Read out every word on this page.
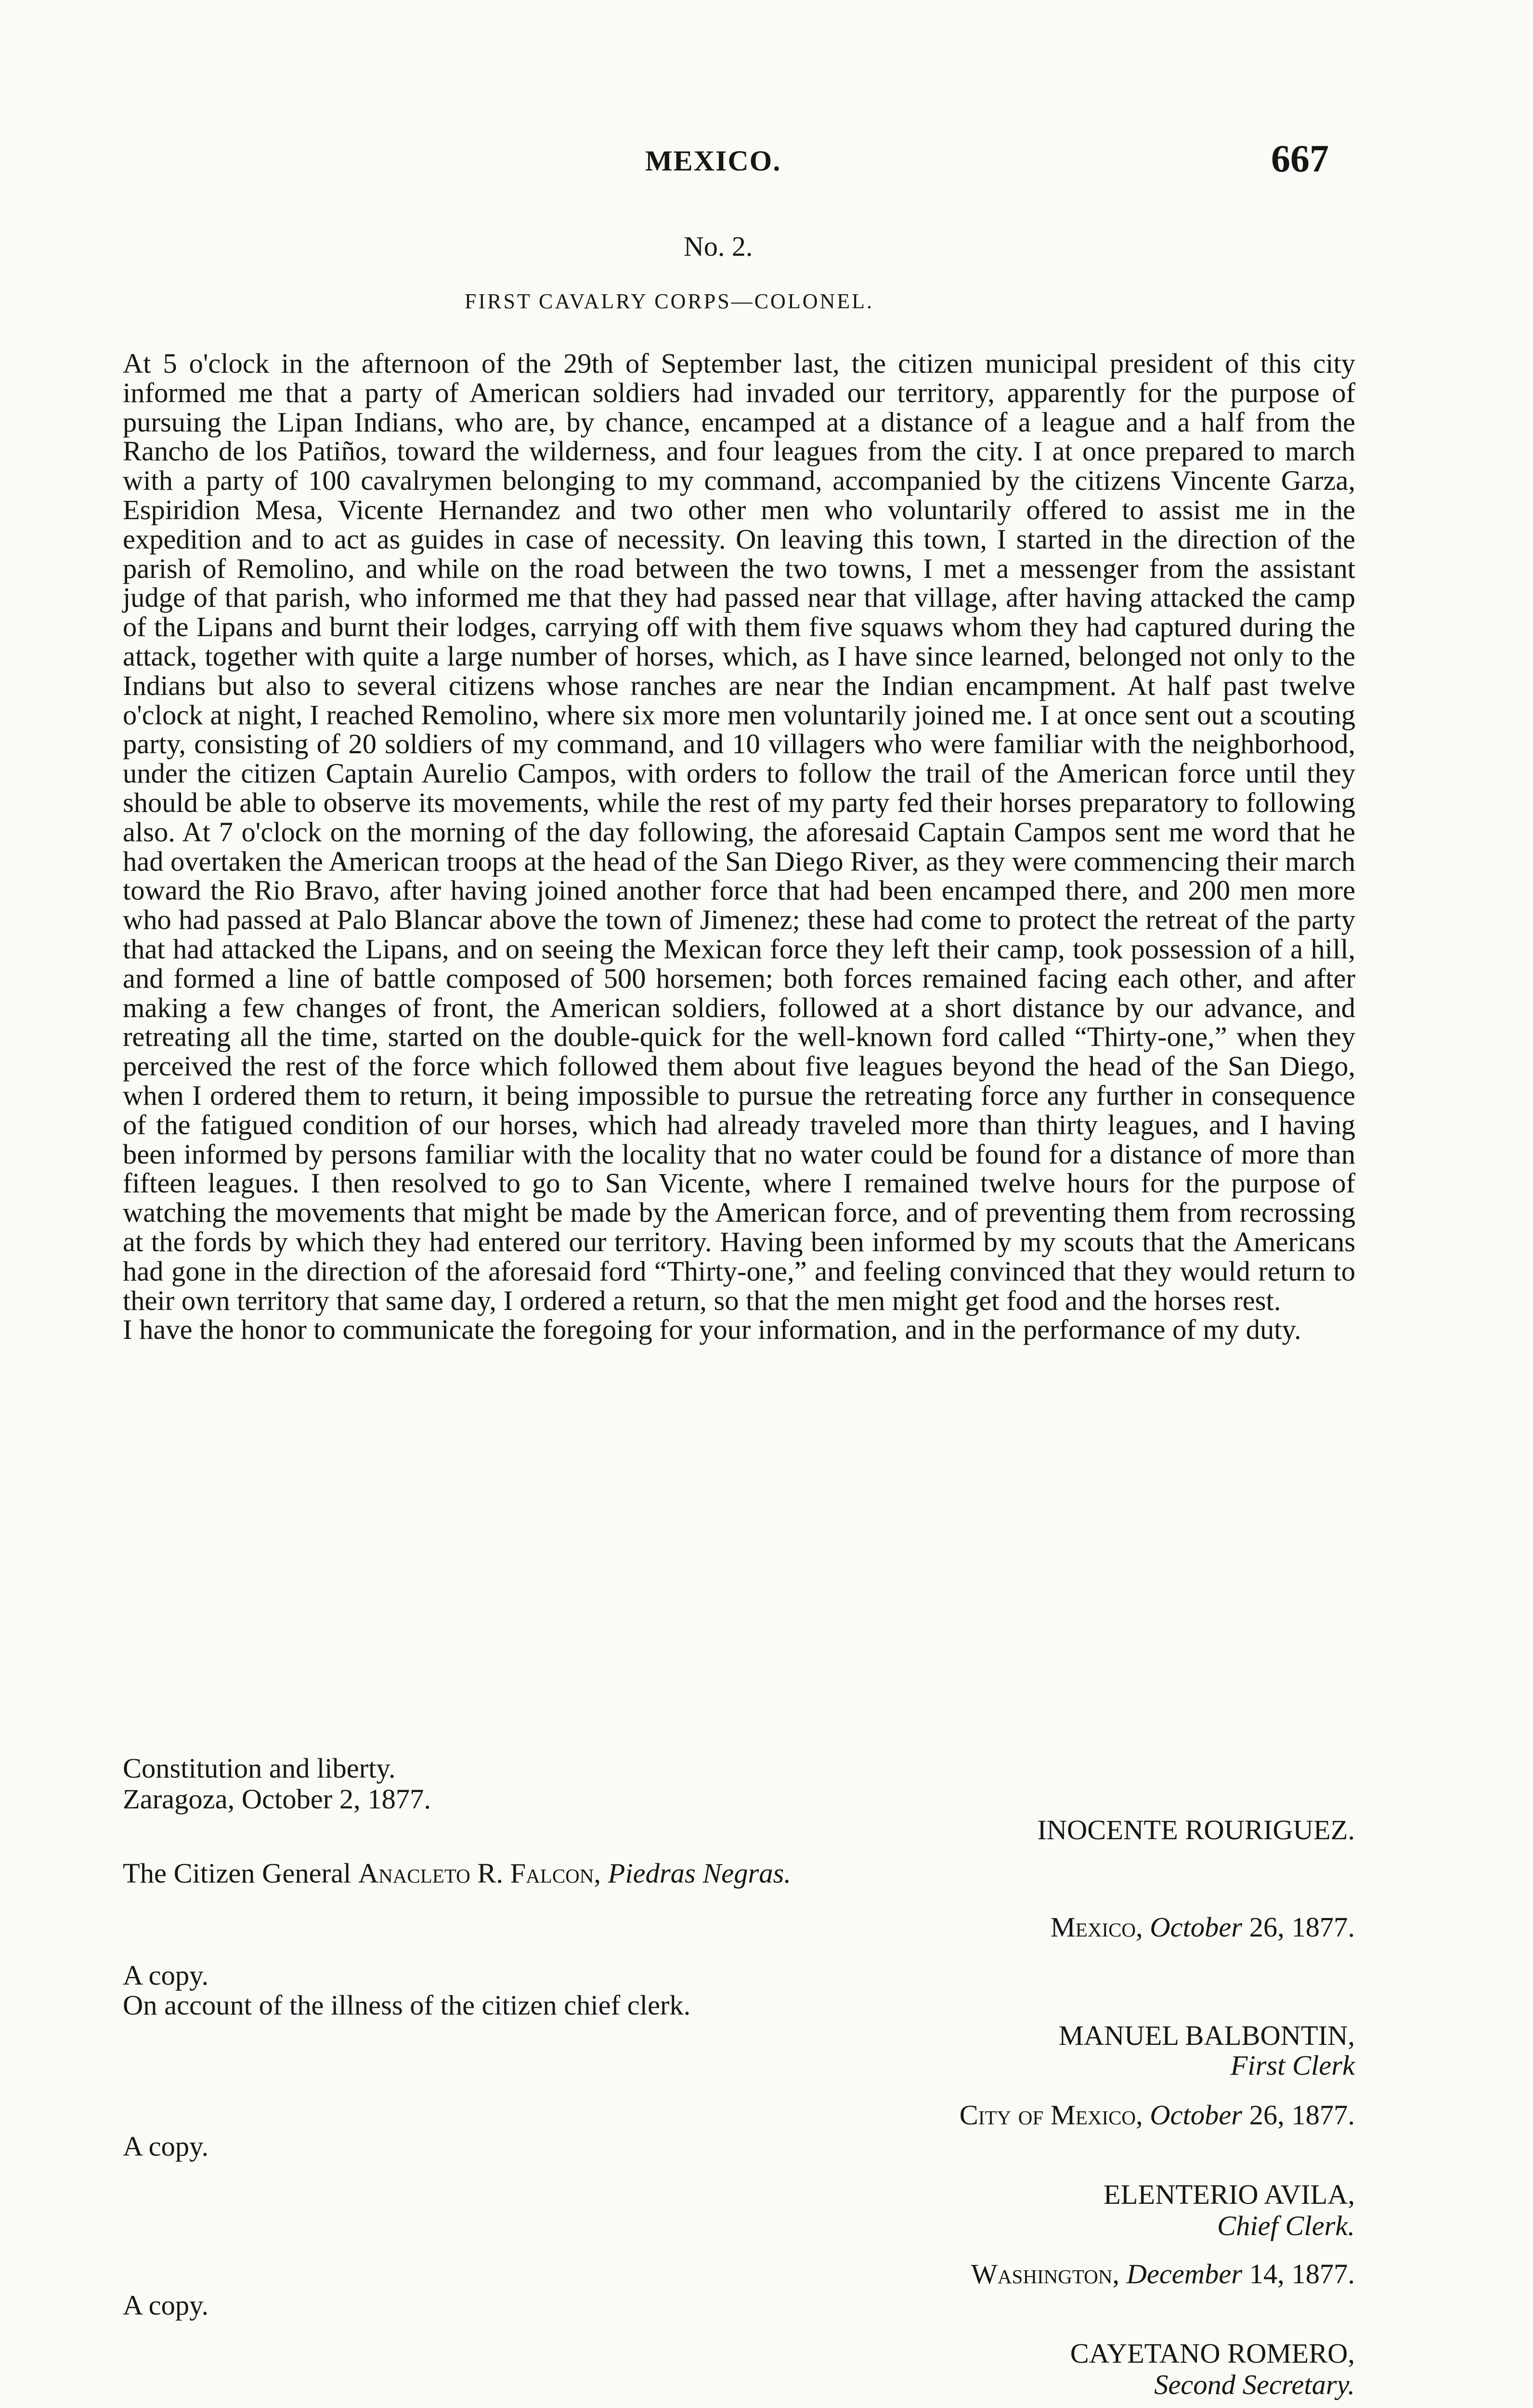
MEXICO.	667
No. 2.
FIRST CAVALRY CORPS—COLONEL.

At 5 o'clock in the afternoon of the 29th of September last, the citizen municipal president of this city informed me that a party of American soldiers had invaded our territory, apparently for the purpose of pursuing the Lipan Indians, who are, by chance, encamped at a distance of a league and a half from the Rancho de los Patiños, toward the wilderness, and four leagues from the city. I at once prepared to march with a party of 100 cavalrymen belonging to my command, accompanied by the citizens Vincente Garza, Espiridion Mesa, Vicente Hernandez and two other men who voluntarily offered to assist me in the expedition and to act as guides in case of necessity. On leaving this town, I started in the direction of the parish of Remolino, and while on the road between the two towns, I met a messenger from the assistant judge of that parish, who informed me that they had passed near that village, after having attacked the camp of the Lipans and burnt their lodges, carrying off with them five squaws whom they had captured during the attack, together with quite a large number of horses, which, as I have since learned, belonged not only to the Indians but also to several citizens whose ranches are near the Indian encampment. At half past twelve o'clock at night, I reached Remolino, where six more men voluntarily joined me. I at once sent out a scouting party, consisting of 20 soldiers of my command, and 10 villagers who were familiar with the neighborhood, under the citizen Captain Aurelio Campos, with orders to follow the trail of the American force until they should be able to observe its movements, while the rest of my party fed their horses preparatory to following also. At 7 o'clock on the morning of the day following, the aforesaid Captain Campos sent me word that he had overtaken the American troops at the head of the San Diego River, as they were commencing their march toward the Rio Bravo, after having joined another force that had been encamped there, and 200 men more who had passed at Palo Blancar above the town of Jimenez; these had come to protect the retreat of the party that had attacked the Lipans, and on seeing the Mexican force they left their camp, took possession of a hill, and formed a line of battle composed of 500 horsemen; both forces remained facing each other, and after making a few changes of front, the American soldiers, followed at a short distance by our advance, and retreating all the time, started on the double-quick for the well-known ford called “Thirty-one,” when they perceived the rest of the force which followed them about five leagues beyond the head of the San Diego, when I ordered them to return, it being impossible to pursue the retreating force any further in consequence of the fatigued condition of our horses, which had already traveled more than thirty leagues, and I having been informed by persons familiar with the locality that no water could be found for a distance of more than fifteen leagues. I then resolved to go to San Vicente, where I remained twelve hours for the purpose of watching the movements that might be made by the American force, and of preventing them from recrossing at the fords by which they had entered our territory. Having been informed by my scouts that the Americans had gone in the direction of the aforesaid ford “Thirty-one,” and feeling convinced that they would return to their own territory that same day, I ordered a return, so that the men might get food and the horses rest.

I have the honor to communicate the foregoing for your information, and in the performance of my duty.

Constitution and liberty.
Zaragoza, October 2, 1877.
INOCENTE ROURIGUEZ.
The Citizen General Anacleto R. Falcon, Piedras Negras.
Mexico, October 26, 1877.
A copy.
On account of the illness of the citizen chief clerk.
MANUEL BALBONTIN,
First Clerk
City of Mexico, October 26, 1877.
A copy.
ELENTERIO AVILA,
Chief Clerk.
Washington, December 14, 1877.
A copy.
CAYETANO ROMERO,
Second Secretary.
